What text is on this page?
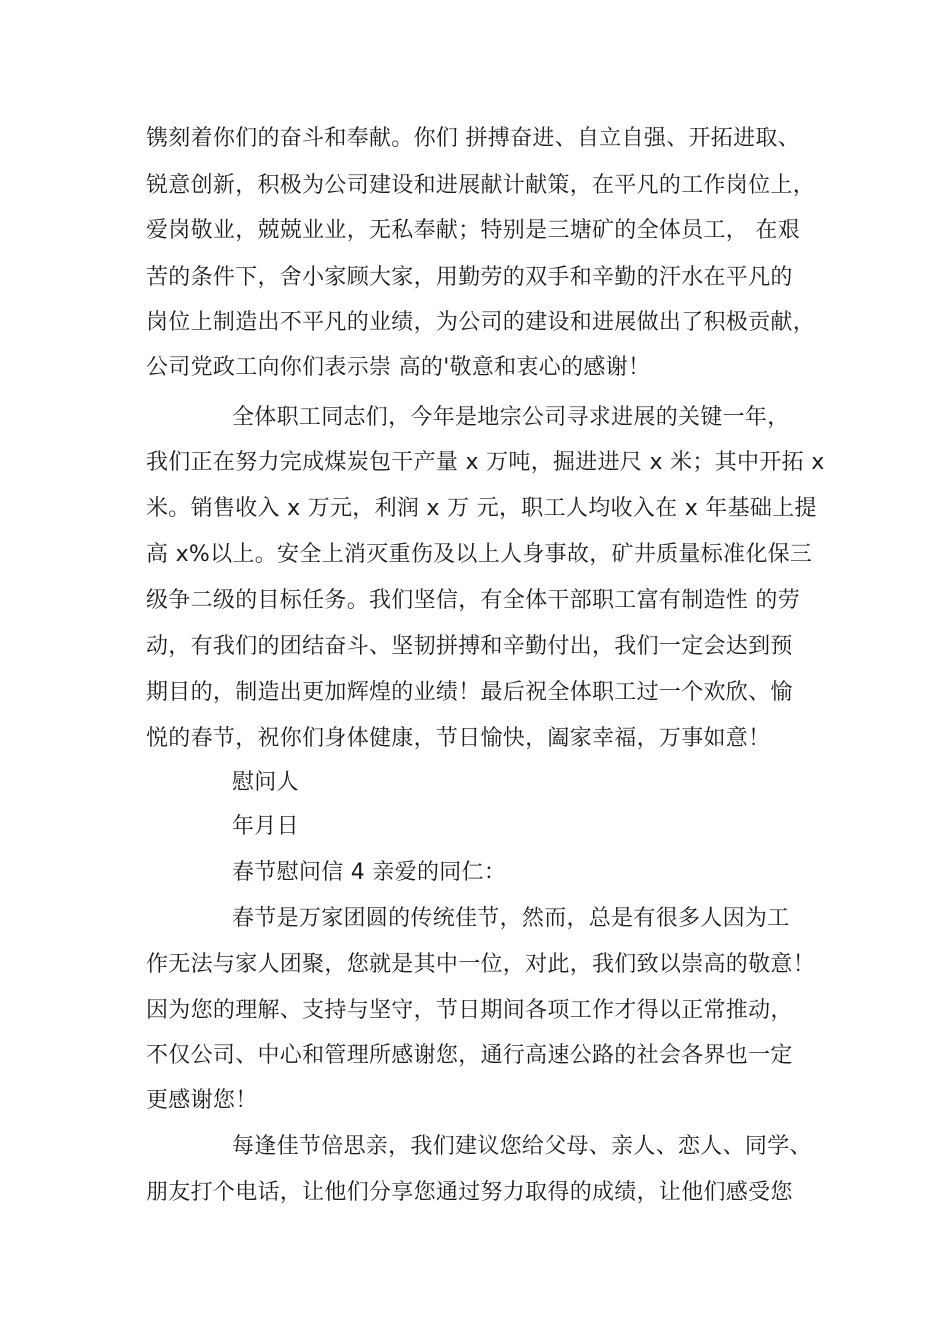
镌刻着你们的奋斗和奉献。你们 拼搏奋进、自立自强、开拓进取、
锐意创新，积极为公司建设和进展献计献策，在平凡的工作岗位上，
爱岗敬业，兢兢业业，无私奉献；特别是三塘矿的全体员工， 在艰
苦的条件下，舍小家顾大家，用勤劳的双手和辛勤的汗水在平凡的
岗位上制造出不平凡的业绩，为公司的建设和进展做出了积极贡献，
公司党政工向你们表示崇 高的'敬意和衷心的感谢！
全体职工同志们，今年是地宗公司寻求进展的关键一年，
我们正在努力完成煤炭包干产量 x 万吨，掘进进尺 x 米；其中开拓 x
米。销售收入 x 万元，利润 x 万 元，职工人均收入在 x 年基础上提
高 x%以上。安全上消灭重伤及以上人身事故，矿井质量标准化保三
级争二级的目标任务。我们坚信，有全体干部职工富有制造性 的劳
动，有我们的团结奋斗、坚韧拼搏和辛勤付出，我们一定会达到预
期目的，制造出更加辉煌的业绩！最后祝全体职工过一个欢欣、愉
悦的春节，祝你们身体健康，节日愉快，阖家幸福，万事如意！
慰问人
年月日
春节慰问信 4 亲爱的同仁：
春节是万家团圆的传统佳节，然而，总是有很多人因为工
作无法与家人团聚，您就是其中一位，对此，我们致以崇高的敬意！
因为您的理解、支持与坚守，节日期间各项工作才得以正常推动，
不仅公司、中心和管理所感谢您，通行高速公路的社会各界也一定
更感谢您！
每逢佳节倍思亲，我们建议您给父母、亲人、恋人、同学、
朋友打个电话，让他们分享您通过努力取得的成绩，让他们感受您
